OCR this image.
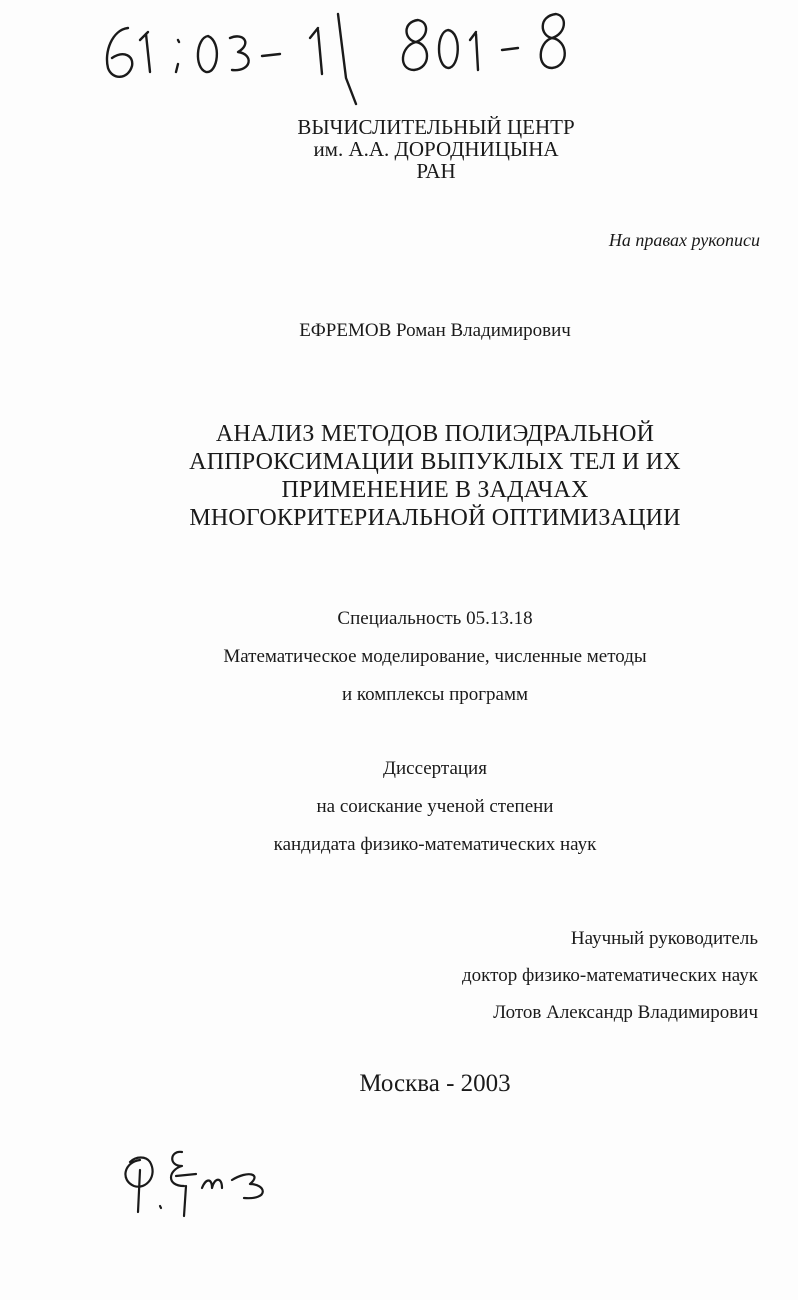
ВЫЧИСЛИТЕЛЬНЫЙ ЦЕНТР
им. А.А. ДОРОДНИЦЫНА
РАН

На правах рукописи

ЕФРЕМОВ Роман Владимирович

АНАЛИЗ МЕТОДОВ ПОЛИЭДРАЛЬНОЙ
АППРОКСИМАЦИИ ВЫПУКЛЫХ ТЕЛ И ИХ
ПРИМЕНЕНИЕ В ЗАДАЧАХ
МНОГОКРИТЕРИАЛЬНОЙ ОПТИМИЗАЦИИ
Специальность 05.13.18
Математическое моделирование, численные методы
и комплексы программ
Диссертация
на соискание ученой степени
кандидата физико-математических наук
Научный руководитель
доктор физико-математических наук
Лотов Александр Владимирович

Москва - 2003
